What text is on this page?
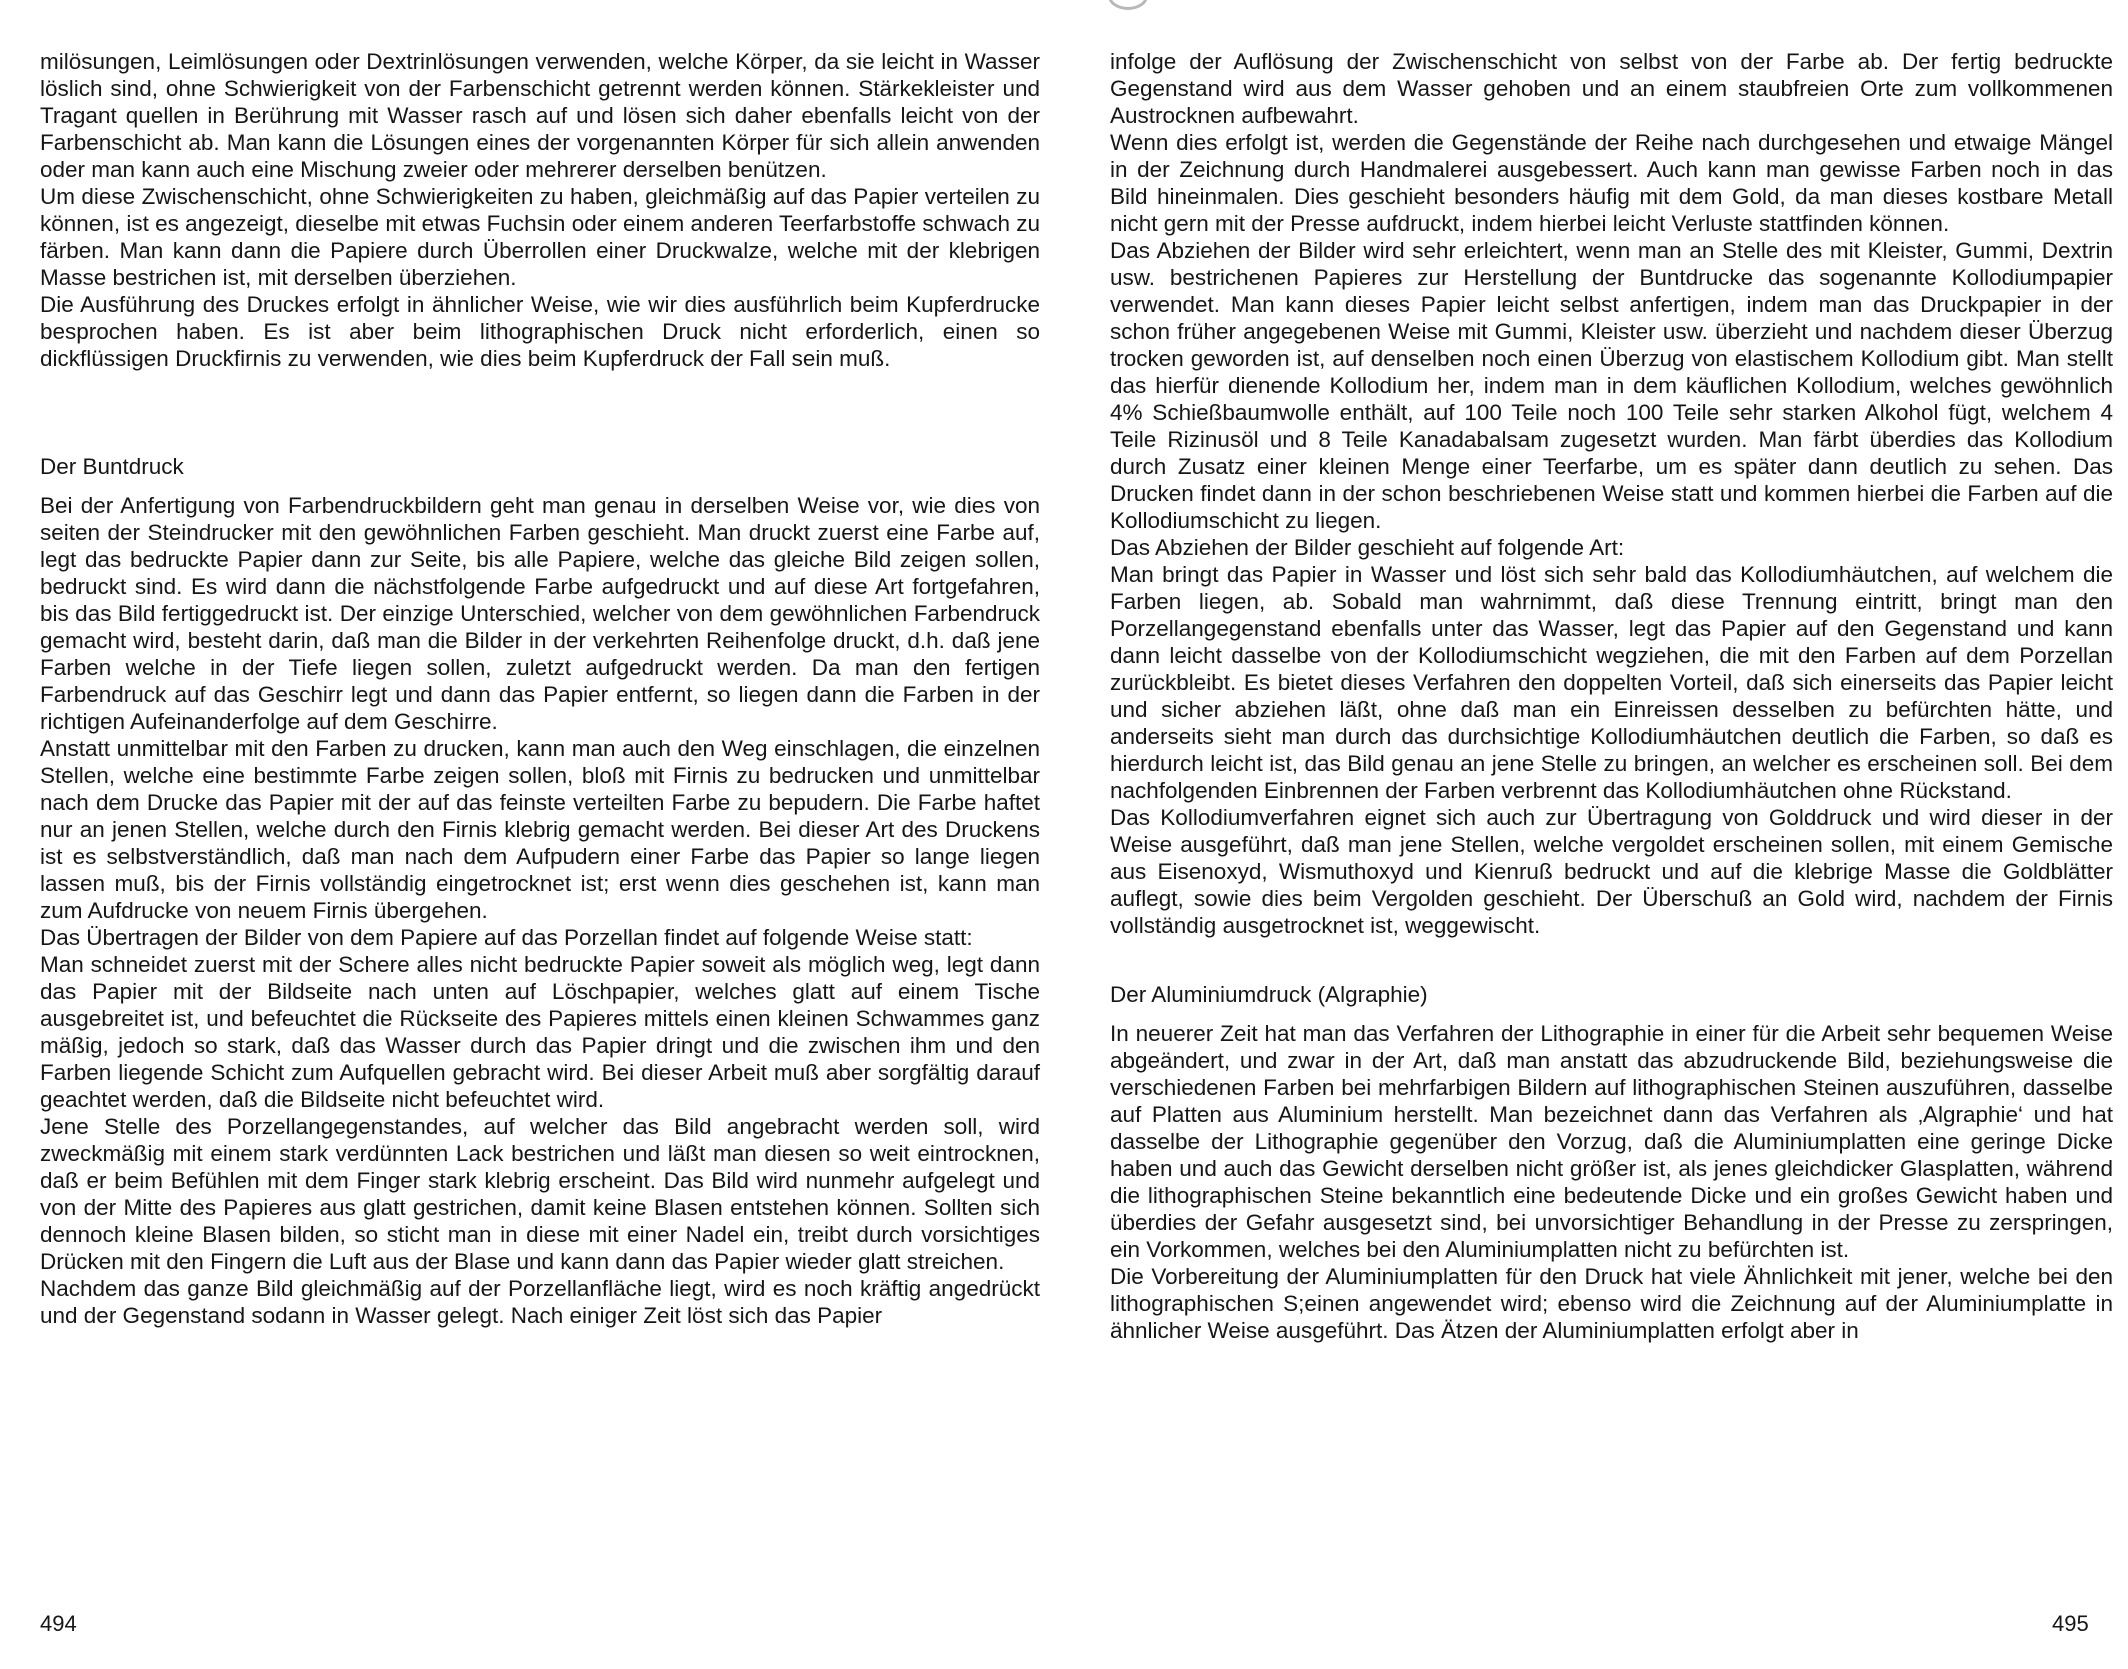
milösungen, Leimlösungen oder Dextrinlösungen verwenden, welche Körper, da sie leicht in Wasser löslich sind, ohne Schwierigkeit von der Farbenschicht getrennt werden können. Stärkekleister und Tragant quellen in Berührung mit Wasser rasch auf und lösen sich daher ebenfalls leicht von der Farbenschicht ab. Man kann die Lösungen eines der vorgenannten Körper für sich allein anwenden oder man kann auch eine Mischung zweier oder mehrerer derselben benützen.

Um diese Zwischenschicht, ohne Schwierigkeiten zu haben, gleichmäßig auf das Papier verteilen zu können, ist es angezeigt, dieselbe mit etwas Fuchsin oder einem anderen Teerfarbstoffe schwach zu färben. Man kann dann die Papiere durch Überrollen einer Druckwalze, welche mit der klebrigen Masse bestrichen ist, mit derselben überziehen.

Die Ausführung des Druckes erfolgt in ähnlicher Weise, wie wir dies ausführlich beim Kupferdrucke besprochen haben. Es ist aber beim lithographischen Druck nicht erforderlich, einen so dickflüssigen Druckfirnis zu verwenden, wie dies beim Kupferdruck der Fall sein muß.

Der Buntdruck

Bei der Anfertigung von Farbendruckbildern geht man genau in derselben Weise vor, wie dies von seiten der Steindrucker mit den gewöhnlichen Farben geschieht. Man druckt zuerst eine Farbe auf, legt das bedruckte Papier dann zur Seite, bis alle Papiere, welche das gleiche Bild zeigen sollen, bedruckt sind. Es wird dann die nächstfolgende Farbe aufgedruckt und auf diese Art fortgefahren, bis das Bild fertiggedruckt ist. Der einzige Unterschied, welcher von dem gewöhnlichen Farbendruck gemacht wird, besteht darin, daß man die Bilder in der verkehrten Reihenfolge druckt, d.h. daß jene Farben welche in der Tiefe liegen sollen, zuletzt aufgedruckt werden. Da man den fertigen Farbendruck auf das Geschirr legt und dann das Papier entfernt, so liegen dann die Farben in der richtigen Aufeinanderfolge auf dem Geschirre.

Anstatt unmittelbar mit den Farben zu drucken, kann man auch den Weg einschlagen, die einzelnen Stellen, welche eine bestimmte Farbe zeigen sollen, bloß mit Firnis zu bedrucken und unmittelbar nach dem Drucke das Papier mit der auf das feinste verteilten Farbe zu bepudern. Die Farbe haftet nur an jenen Stellen, welche durch den Firnis klebrig gemacht werden. Bei dieser Art des Druckens ist es selbstverständlich, daß man nach dem Aufpudern einer Farbe das Papier so lange liegen lassen muß, bis der Firnis vollständig eingetrocknet ist; erst wenn dies geschehen ist, kann man zum Aufdrucke von neuem Firnis übergehen.

Das Übertragen der Bilder von dem Papiere auf das Porzellan findet auf folgende Weise statt:

Man schneidet zuerst mit der Schere alles nicht bedruckte Papier soweit als möglich weg, legt dann das Papier mit der Bildseite nach unten auf Löschpapier, welches glatt auf einem Tische ausgebreitet ist, und befeuchtet die Rückseite des Papieres mittels einen kleinen Schwammes ganz mäßig, jedoch so stark, daß das Wasser durch das Papier dringt und die zwischen ihm und den Farben liegende Schicht zum Aufquellen gebracht wird. Bei dieser Arbeit muß aber sorgfältig darauf geachtet werden, daß die Bildseite nicht befeuchtet wird.

Jene Stelle des Porzellangegenstandes, auf welcher das Bild angebracht werden soll, wird zweckmäßig mit einem stark verdünnten Lack bestrichen und läßt man diesen so weit eintrocknen, daß er beim Befühlen mit dem Finger stark klebrig erscheint. Das Bild wird nunmehr aufgelegt und von der Mitte des Papieres aus glatt gestrichen, damit keine Blasen entstehen können. Sollten sich dennoch kleine Blasen bilden, so sticht man in diese mit einer Nadel ein, treibt durch vorsichtiges Drücken mit den Fingern die Luft aus der Blase und kann dann das Papier wieder glatt streichen.

Nachdem das ganze Bild gleichmäßig auf der Porzellanfläche liegt, wird es noch kräftig angedrückt und der Gegenstand sodann in Wasser gelegt. Nach einiger Zeit löst sich das Papier

infolge der Auflösung der Zwischenschicht von selbst von der Farbe ab. Der fertig bedruckte Gegenstand wird aus dem Wasser gehoben und an einem staubfreien Orte zum vollkommenen Austrocknen aufbewahrt.

Wenn dies erfolgt ist, werden die Gegenstände der Reihe nach durchgesehen und etwaige Mängel in der Zeichnung durch Handmalerei ausgebessert. Auch kann man gewisse Farben noch in das Bild hineinmalen. Dies geschieht besonders häufig mit dem Gold, da man dieses kostbare Metall nicht gern mit der Presse aufdruckt, indem hierbei leicht Verluste stattfinden können.

Das Abziehen der Bilder wird sehr erleichtert, wenn man an Stelle des mit Kleister, Gummi, Dextrin usw. bestrichenen Papieres zur Herstellung der Buntdrucke das sogenannte Kollodiumpapier verwendet. Man kann dieses Papier leicht selbst anfertigen, indem man das Druckpapier in der schon früher angegebenen Weise mit Gummi, Kleister usw. überzieht und nachdem dieser Überzug trocken geworden ist, auf denselben noch einen Überzug von elastischem Kollodium gibt. Man stellt das hierfür dienende Kollodium her, indem man in dem käuflichen Kollodium, welches gewöhnlich 4% Schießbaumwolle enthält, auf 100 Teile noch 100 Teile sehr starken Alkohol fügt, welchem 4 Teile Rizinusöl und 8 Teile Kanadabalsam zugesetzt wurden. Man färbt überdies das Kollodium durch Zusatz einer kleinen Menge einer Teerfarbe, um es später dann deutlich zu sehen. Das Drucken findet dann in der schon beschriebenen Weise statt und kommen hierbei die Farben auf die Kollodiumschicht zu liegen.

Das Abziehen der Bilder geschieht auf folgende Art:

Man bringt das Papier in Wasser und löst sich sehr bald das Kollodiumhäutchen, auf welchem die Farben liegen, ab. Sobald man wahrnimmt, daß diese Trennung eintritt, bringt man den Porzellangegenstand ebenfalls unter das Wasser, legt das Papier auf den Gegenstand und kann dann leicht dasselbe von der Kollodiumschicht wegziehen, die mit den Farben auf dem Porzellan zurückbleibt. Es bietet dieses Verfahren den doppelten Vorteil, daß sich einerseits das Papier leicht und sicher abziehen läßt, ohne daß man ein Einreissen desselben zu befürchten hätte, und anderseits sieht man durch das durchsichtige Kollodiumhäutchen deutlich die Farben, so daß es hierdurch leicht ist, das Bild genau an jene Stelle zu bringen, an welcher es erscheinen soll. Bei dem nachfolgenden Einbrennen der Farben verbrennt das Kollodiumhäutchen ohne Rückstand.

Das Kollodiumverfahren eignet sich auch zur Übertragung von Golddruck und wird dieser in der Weise ausgeführt, daß man jene Stellen, welche vergoldet erscheinen sollen, mit einem Gemische aus Eisenoxyd, Wismuthoxyd und Kienruß bedruckt und auf die klebrige Masse die Goldblätter auflegt, sowie dies beim Vergolden geschieht. Der Überschuß an Gold wird, nachdem der Firnis vollständig ausgetrocknet ist, weggewischt.

Der Aluminiumdruck (Algraphie)

In neuerer Zeit hat man das Verfahren der Lithographie in einer für die Arbeit sehr bequemen Weise abgeändert, und zwar in der Art, daß man anstatt das abzudruckende Bild, beziehungsweise die verschiedenen Farben bei mehrfarbigen Bildern auf lithographischen Steinen auszuführen, dasselbe auf Platten aus Aluminium herstellt. Man bezeichnet dann das Verfahren als ‚Algraphie‘ und hat dasselbe der Lithographie gegenüber den Vorzug, daß die Aluminiumplatten eine geringe Dicke haben und auch das Gewicht derselben nicht größer ist, als jenes gleichdicker Glasplatten, während die lithographischen Steine bekanntlich eine bedeutende Dicke und ein großes Gewicht haben und überdies der Gefahr ausgesetzt sind, bei unvorsichtiger Behandlung in der Presse zu zerspringen, ein Vorkommen, welches bei den Aluminiumplatten nicht zu befürchten ist.

Die Vorbereitung der Aluminiumplatten für den Druck hat viele Ähnlichkeit mit jener, welche bei den lithographischen S;einen angewendet wird; ebenso wird die Zeichnung auf der Aluminiumplatte in ähnlicher Weise ausgeführt. Das Ätzen der Aluminiumplatten erfolgt aber in

494	495
